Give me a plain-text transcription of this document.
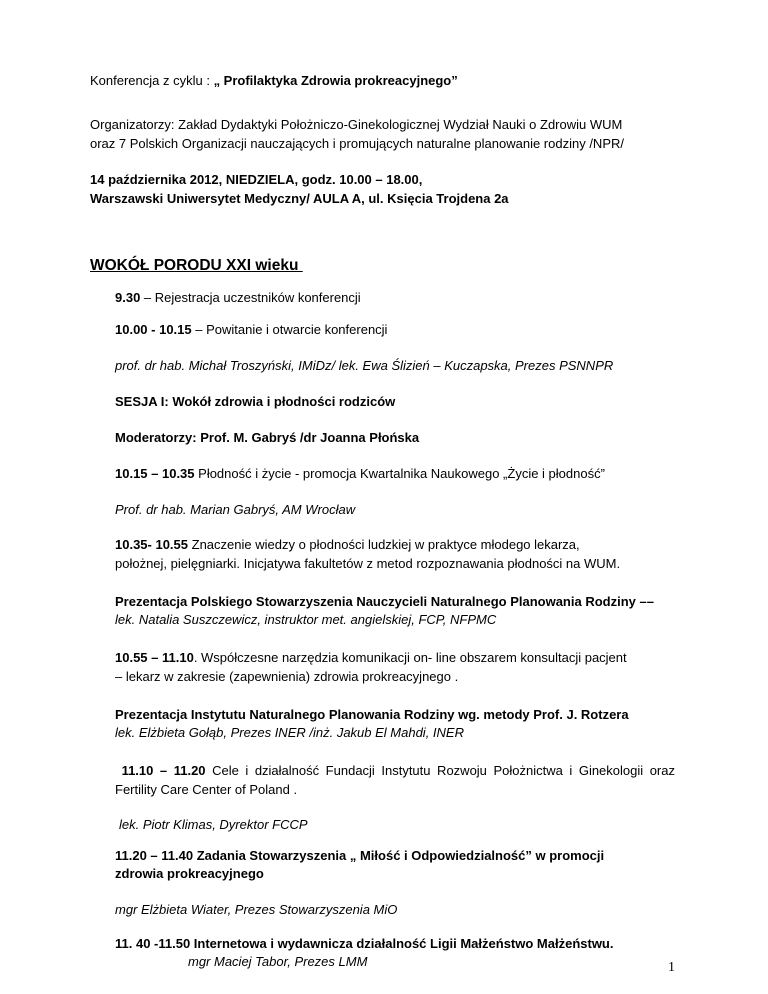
Konferencja z cyklu : „ Profilaktyka Zdrowia prokreacyjnego”
Organizatorzy: Zakład Dydaktyki Położniczo-Ginekologicznej Wydział Nauki o Zdrowiu WUM
oraz 7 Polskich Organizacji nauczających i promujących naturalne planowanie rodziny /NPR/
14 października 2012, NIEDZIELA, godz. 10.00 – 18.00,
Warszawski Uniwersytet Medyczny/ AULA A, ul. Księcia Trojdena 2a
WOKÓŁ PORODU XXI wieku
9.30 – Rejestracja uczestników konferencji
10.00 - 10.15 – Powitanie i otwarcie konferencji
prof. dr hab. Michał Troszyński, IMiDz/ lek. Ewa Ślizień – Kuczapska, Prezes PSNNPR
SESJA I: Wokół zdrowia i płodności rodziców
Moderatorzy: Prof. M. Gabryś /dr Joanna Płońska
10.15 – 10.35 Płodność i życie - promocja Kwartalnika Naukowego „Życie i płodność”
Prof. dr hab. Marian Gabryś, AM Wrocław
10.35- 10.55 Znaczenie wiedzy o płodności ludzkiej w praktyce młodego lekarza,
położnej, pielęgniarki. Inicjatywa fakultetów z metod rozpoznawania płodności na WUM.
Prezentacja Polskiego Stowarzyszenia Nauczycieli Naturalnego Planowania Rodziny ––
lek. Natalia Suszczewicz, instruktor met. angielskiej, FCP, NFPMC
10.55 – 11.10. Współczesne narzędzia komunikacji on- line obszarem konsultacji pacjent
– lekarz w zakresie (zapewnienia) zdrowia prokreacyjnego .
Prezentacja Instytutu Naturalnego Planowania Rodziny wg. metody Prof. J. Rotzera
lek. Elżbieta Gołąb, Prezes INER /inż. Jakub El Mahdi, INER
11.10 – 11.20 Cele i działalność Fundacji Instytutu Rozwoju Położnictwa i Ginekologii oraz Fertility Care Center of Poland .
lek. Piotr Klimas, Dyrektor FCCP
11.20 – 11.40 Zadania Stowarzyszenia „ Miłość i Odpowiedzialność” w promocji
zdrowia prokreacyjnego
mgr Elżbieta Wiater, Prezes Stowarzyszenia MiO
11. 40 -11.50 Internetowa i wydawnicza działalność Ligii Małżeństwo Małżeństwu.
1
mgr Maciej Tabor, Prezes LMM
